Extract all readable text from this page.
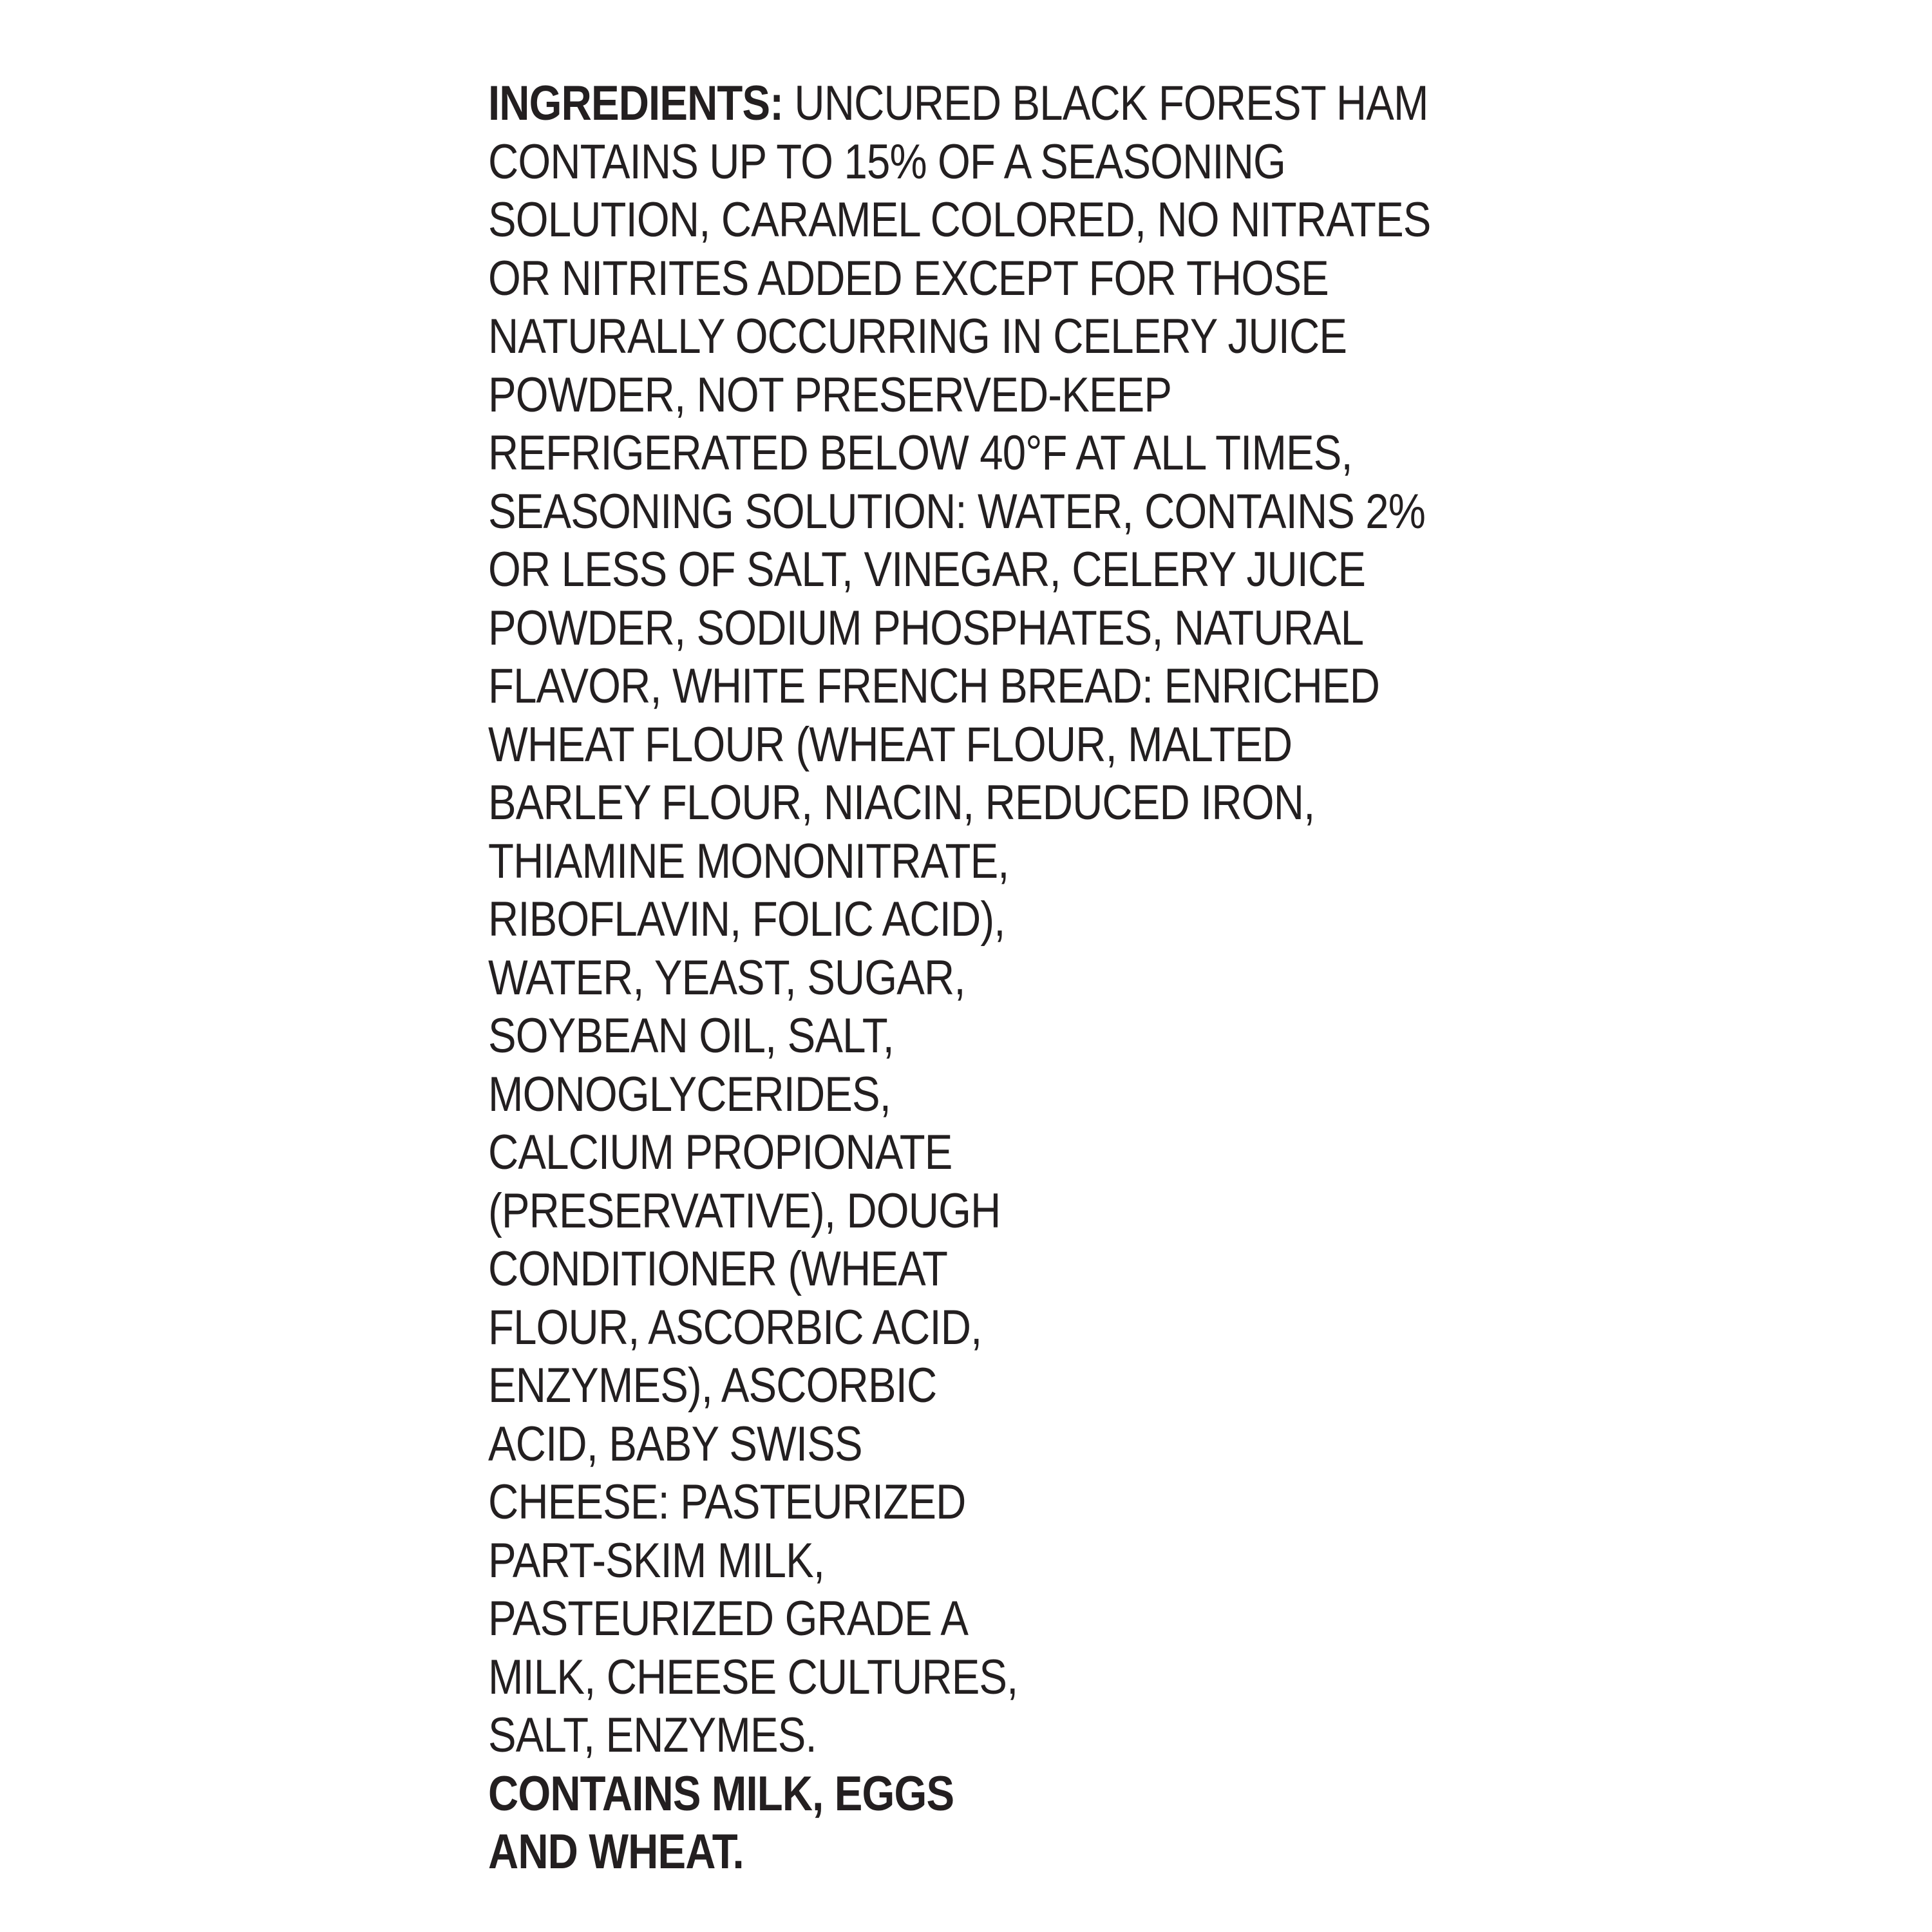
INGREDIENTS: UNCURED BLACK FOREST HAM
CONTAINS UP TO 15% OF A SEASONING
SOLUTION, CARAMEL COLORED, NO NITRATES
OR NITRITES ADDED EXCEPT FOR THOSE
NATURALLY OCCURRING IN CELERY JUICE
POWDER, NOT PRESERVED-KEEP
REFRIGERATED BELOW 40°F AT ALL TIMES,
SEASONING SOLUTION: WATER, CONTAINS 2%
OR LESS OF SALT, VINEGAR, CELERY JUICE
POWDER, SODIUM PHOSPHATES, NATURAL
FLAVOR, WHITE FRENCH BREAD: ENRICHED
WHEAT FLOUR (WHEAT FLOUR, MALTED
BARLEY FLOUR, NIACIN, REDUCED IRON,
THIAMINE MONONITRATE,
RIBOFLAVIN, FOLIC ACID),
WATER, YEAST, SUGAR,
SOYBEAN OIL, SALT,
MONOGLYCERIDES,
CALCIUM PROPIONATE
(PRESERVATIVE), DOUGH
CONDITIONER (WHEAT
FLOUR, ASCORBIC ACID,
ENZYMES), ASCORBIC
ACID, BABY SWISS
CHEESE: PASTEURIZED
PART-SKIM MILK,
PASTEURIZED GRADE A
MILK, CHEESE CULTURES,
SALT, ENZYMES.
CONTAINS MILK, EGGS
AND WHEAT.
